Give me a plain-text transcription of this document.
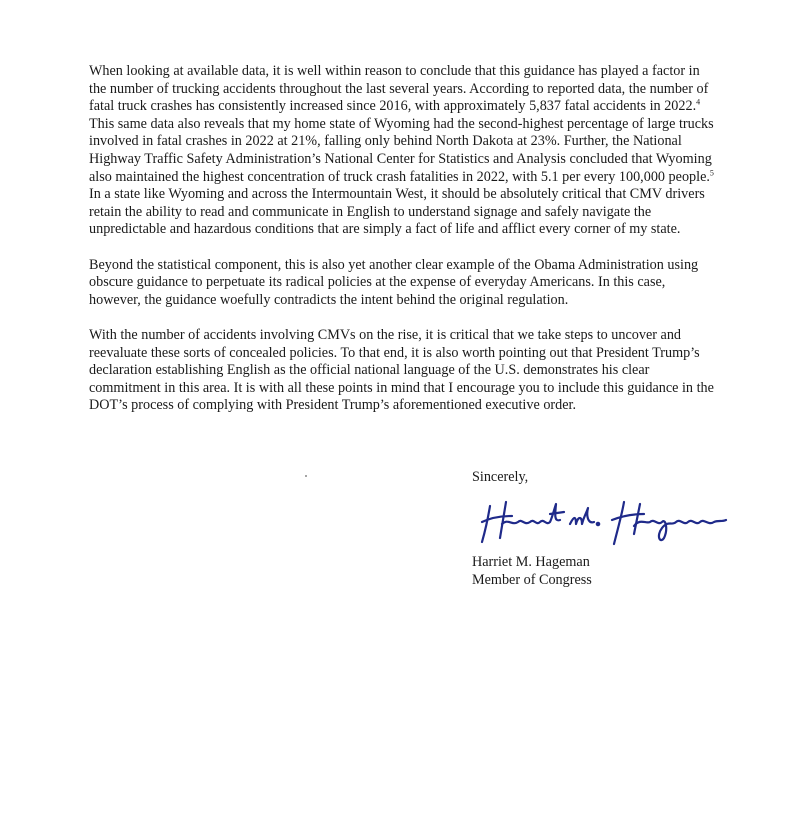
When looking at available data, it is well within reason to conclude that this guidance has played a factor in the number of trucking accidents throughout the last several years. According to reported data, the number of fatal truck crashes has consistently increased since 2016, with approximately 5,837 fatal accidents in 2022.$^4$ This same data also reveals that my home state of Wyoming had the second-highest percentage of large trucks involved in fatal crashes in 2022 at 21%, falling only behind North Dakota at 23%. Further, the National Highway Traffic Safety Administration’s National Center for Statistics and Analysis concluded that Wyoming also maintained the highest concentration of truck crash fatalities in 2022, with 5.1 per every 100,000 people.$^5$ In a state like Wyoming and across the Intermountain West, it should be absolutely critical that CMV drivers retain the ability to read and communicate in English to understand signage and safely navigate the unpredictable and hazardous conditions that are simply a fact of life and afflict every corner of my state.

Beyond the statistical component, this is also yet another clear example of the Obama Administration using obscure guidance to perpetuate its radical policies at the expense of everyday Americans. In this case, however, the guidance woefully contradicts the intent behind the original regulation.

With the number of accidents involving CMVs on the rise, it is critical that we take steps to uncover and reevaluate these sorts of concealed policies. To that end, it is also worth pointing out that President Trump’s declaration establishing English as the official national language of the U.S. demonstrates his clear commitment in this area. It is with all these points in mind that I encourage you to include this guidance in the DOT’s process of complying with President Trump’s aforementioned executive order.

Sincerely,
Harriet M. Hageman
Member of Congress
